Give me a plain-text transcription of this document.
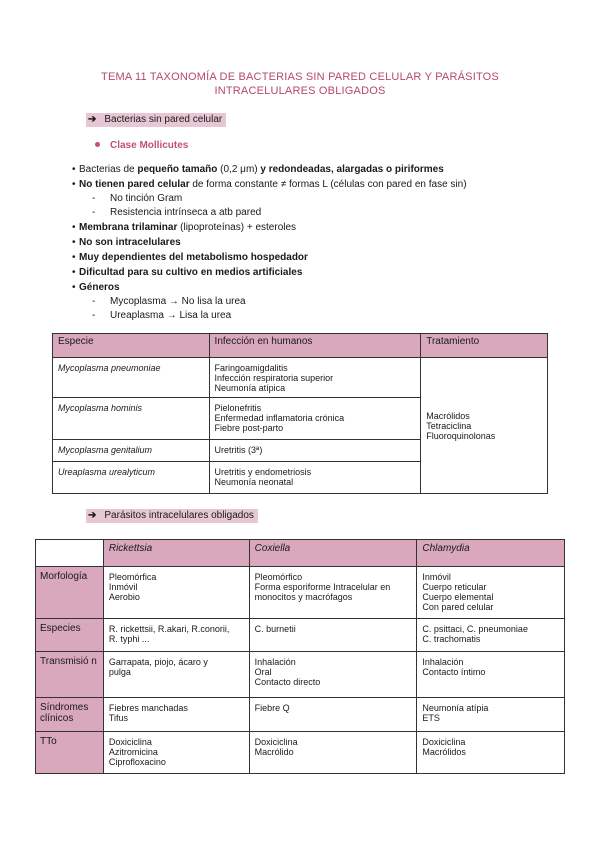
TEMA 11 TAXONOMÍA DE BACTERIAS SIN PARED CELULAR Y PARÁSITOS
INTRACELULARES OBLIGADOS
➔ Bacterias sin pared celular
Clase Mollicutes
• Bacterias de pequeño tamaño (0,2 μm) y redondeadas, alargadas o piriformes
• No tienen pared celular de forma constante ≠ formas L (células con pared en fase sin)
- No tinción Gram
- Resistencia intrínseca a atb pared
• Membrana trilaminar (lipoproteínas) + esteroles
• No son intracelulares
• Muy dependientes del metabolismo hospedador
• Dificultad para su cultivo en medios artificiales
• Géneros
- Mycoplasma → No lisa la urea
- Ureaplasma → Lisa la urea
Especie	Infección en humanos	Tratamiento
Mycoplasma pneumoniae	Faringoamigdalitis
Infección respiratoria superior
Neumonía atípica	Macrólidos
Tetraciclina
Fluoroquinolonas

Mycoplasma hominis	Pielonefritis
Enfermedad inflamatoria crónica
Fiebre post-parto	

Mycoplasma genitalium	Uretritis (3ª)	

Ureaplasma urealyticum	Uretritis y endometriosis
Neumonía neonatal	
➔ Parásitos intracelulares obligados
	Rickettsia	Coxiella	Chlamydia
Morfología	Pleomórfica
Inmóvil
Aerobio	Pleomórfico
Forma esporiforme Intracelular en
monocitos y macrófagos	Inmóvil
Cuerpo reticular
Cuerpo elemental
Con pared celular

Especies	R. rickettsii, R.akari, R.conorii,
R. typhi ...	C. burnetii	C. psittaci, C. pneumoniae
C. trachomatis

Transmisió n	Garrapata, piojo, ácaro y
pulga	Inhalación
Oral
Contacto directo	Inhalación
Contacto íntimo

Síndromes clínicos	Fiebres manchadas
Tifus	Fiebre Q	Neumonía atípia
ETS

TTo	Doxiciclina
Azitromicina
Ciprofloxacino	Doxiciclina
Macrólido	Doxiciclina
Macrólidos
